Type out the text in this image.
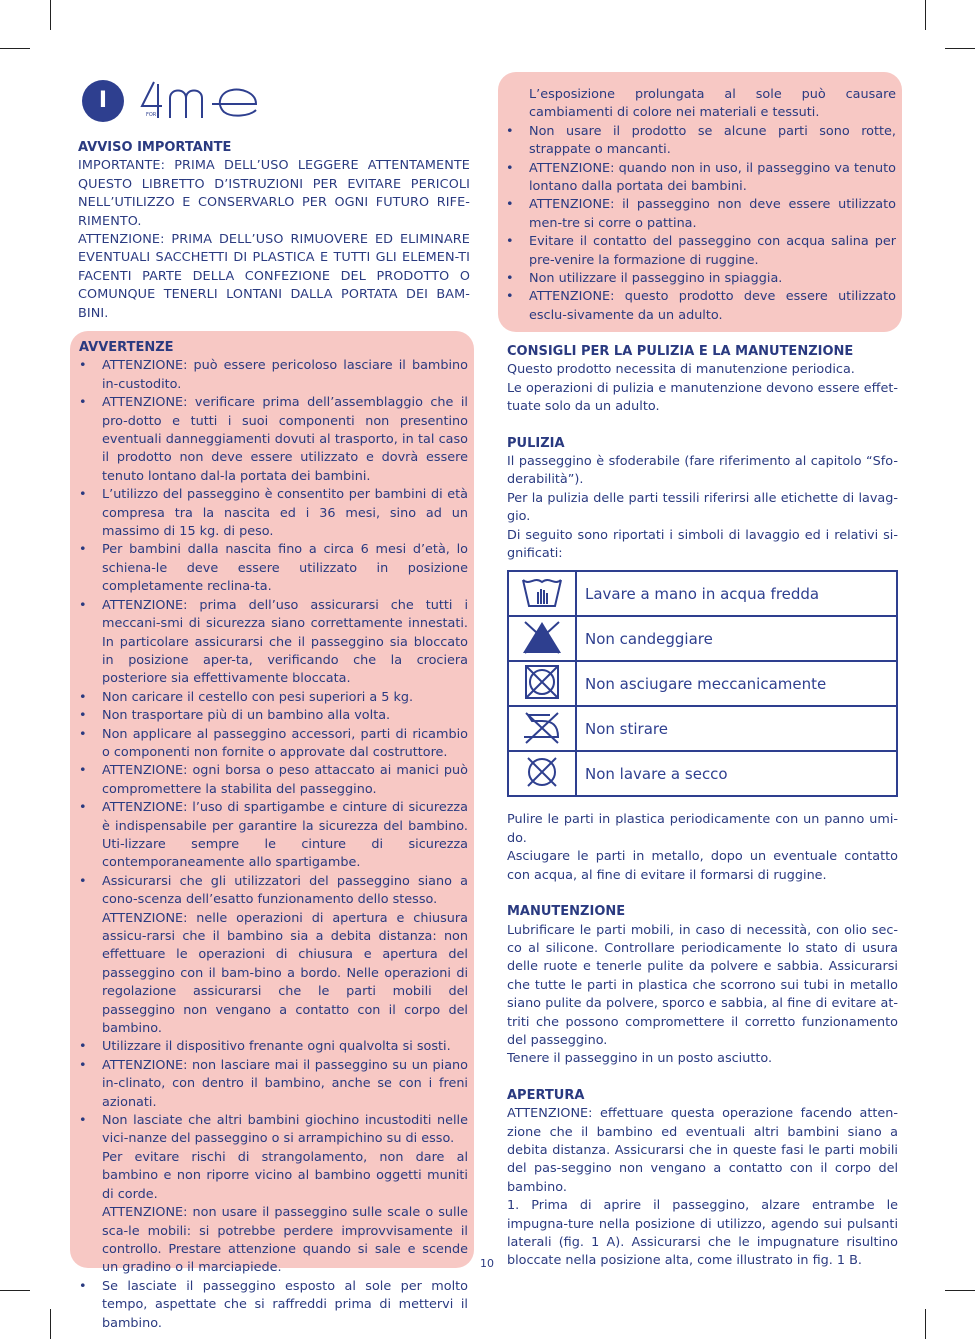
I
FOR
AVVISO IMPORTANTE

IMPORTANTE: PRIMA DELL’USO LEGGERE ATTENTAMENTE QUESTO LIBRETTO D’ISTRUZIONI PER EVITARE PERICOLI NELL’UTILIZZO E CONSERVARLO PER OGNI FUTURO RIFE-RIMENTO.

ATTENZIONE: PRIMA DELL’USO RIMUOVERE ED ELIMINARE EVENTUALI SACCHETTI DI PLASTICA E TUTTI GLI ELEMEN-TI FACENTI PARTE DELLA CONFEZIONE DEL PRODOTTO O COMUNQUE TENERLI LONTANI DALLA PORTATA DEI BAM-BINI.

AVVERTENZE
• ATTENZIONE: può essere pericoloso lasciare il bambino in-custodito.
• ATTENZIONE: verificare prima dell’assemblaggio che il pro-dotto e tutti i suoi componenti non presentino eventuali danneggiamenti dovuti al trasporto, in tal caso il prodotto non deve essere utilizzato e dovrà essere tenuto lontano dal-la portata dei bambini.
• L’utilizzo del passeggino è consentito per bambini di età compresa tra la nascita ed i 36 mesi, sino ad un massimo di 15 kg. di peso.
• Per bambini dalla nascita fino a circa 6 mesi d’età, lo schiena-le deve essere utilizzato in posizione completamente reclina-ta.
• ATTENZIONE: prima dell’uso assicurarsi che tutti i meccani-smi di sicurezza siano correttamente innestati. In particolare assicurarsi che il passeggino sia bloccato in posizione aper-ta, verificando che la crociera posteriore sia effettivamente bloccata.
• Non caricare il cestello con pesi superiori a 5 kg.
• Non trasportare più di un bambino alla volta.
• Non applicare al passeggino accessori, parti di ricambio o componenti non fornite o approvate dal costruttore.
• ATTENZIONE: ogni borsa o peso attaccato ai manici può compromettere la stabilita del passeggino.
• ATTENZIONE: l’uso di spartigambe e cinture di sicurezza è indispensabile per garantire la sicurezza del bambino. Uti-lizzare sempre le cinture di sicurezza contemporaneamente allo spartigambe.
• Assicurarsi che gli utilizzatori del passeggino siano a cono-scenza dell’esatto funzionamento dello stesso.
ATTENZIONE: nelle operazioni di apertura e chiusura assicu-rarsi che il bambino sia a debita distanza: non effettuare le operazioni di chiusura e apertura del passeggino con il bam-bino a bordo. Nelle operazioni di regolazione assicurarsi che le parti mobili del passeggino non vengano a contatto con il corpo del bambino.
• Utilizzare il dispositivo frenante ogni qualvolta si sosti.
• ATTENZIONE: non lasciare mai il passeggino su un piano in-clinato, con dentro il bambino, anche se con i freni azionati.
• Non lasciate che altri bambini giochino incustoditi nelle vici-nanze del passeggino o si arrampichino su di esso.
Per evitare rischi di strangolamento, non dare al bambino e non riporre vicino al bambino oggetti muniti di corde.
ATTENZIONE: non usare il passeggino sulle scale o sulle sca-le mobili: si potrebbe perdere improvvisamente il controllo. Prestare attenzione quando si sale e scende un gradino o il marciapiede.
• Se lasciate il passeggino esposto al sole per molto tempo, aspettate che si raffreddi prima di mettervi il bambino.
L’esposizione prolungata al sole può causare cambiamenti di colore nei materiali e tessuti.
• Non usare il prodotto se alcune parti sono rotte, strappate o mancanti.
• ATTENZIONE: quando non in uso, il passeggino va tenuto lontano dalla portata dei bambini.
• ATTENZIONE: il passeggino non deve essere utilizzato men-tre si corre o pattina.
• Evitare il contatto del passeggino con acqua salina per pre-venire la formazione di ruggine.
• Non utilizzare il passeggino in spiaggia.
• ATTENZIONE: questo prodotto deve essere utilizzato esclu-sivamente da un adulto.
CONSIGLI PER LA PULIZIA E LA MANUTENZIONE

Questo prodotto necessita di manutenzione periodica.

Le operazioni di pulizia e manutenzione devono essere effet-tuate solo da un adulto.

PULIZIA

Il passeggino è sfoderabile (fare riferimento al capitolo “Sfo-derabilità”).

Per la pulizia delle parti tessili riferirsi alle etichette di lavag-gio.

Di seguito sono riportati i simboli di lavaggio ed i relativi si-gnificati:

	Lavare a mano in acqua fredda
	Non candeggiare
	Non asciugare meccanicamente
	Non stirare
	Non lavare a secco

Pulire le parti in plastica periodicamente con un panno umi-do.

Asciugare le parti in metallo, dopo un eventuale contatto con acqua, al fine di evitare il formarsi di ruggine.

MANUTENZIONE

Lubrificare le parti mobili, in caso di necessità, con olio sec-co al silicone. Controllare periodicamente lo stato di usura delle ruote e tenerle pulite da polvere e sabbia. Assicurarsi che tutte le parti in plastica che scorrono sui tubi in metallo siano pulite da polvere, sporco e sabbia, al fine di evitare at-triti che possono compromettere il corretto funzionamento del passeggino.

Tenere il passeggino in un posto asciutto.

APERTURA

ATTENZIONE: effettuare questa operazione facendo atten-zione che il bambino ed eventuali altri bambini siano a debita distanza. Assicurarsi che in queste fasi le parti mobili del pas-seggino non vengano a contatto con il corpo del bambino.

1. Prima di aprire il passeggino, alzare entrambe le impugna-ture nella posizione di utilizzo, agendo sui pulsanti laterali (fig. 1 A). Assicurarsi che le impugnature risultino bloccate nella posizione alta, come illustrato in fig. 1 B.

10
